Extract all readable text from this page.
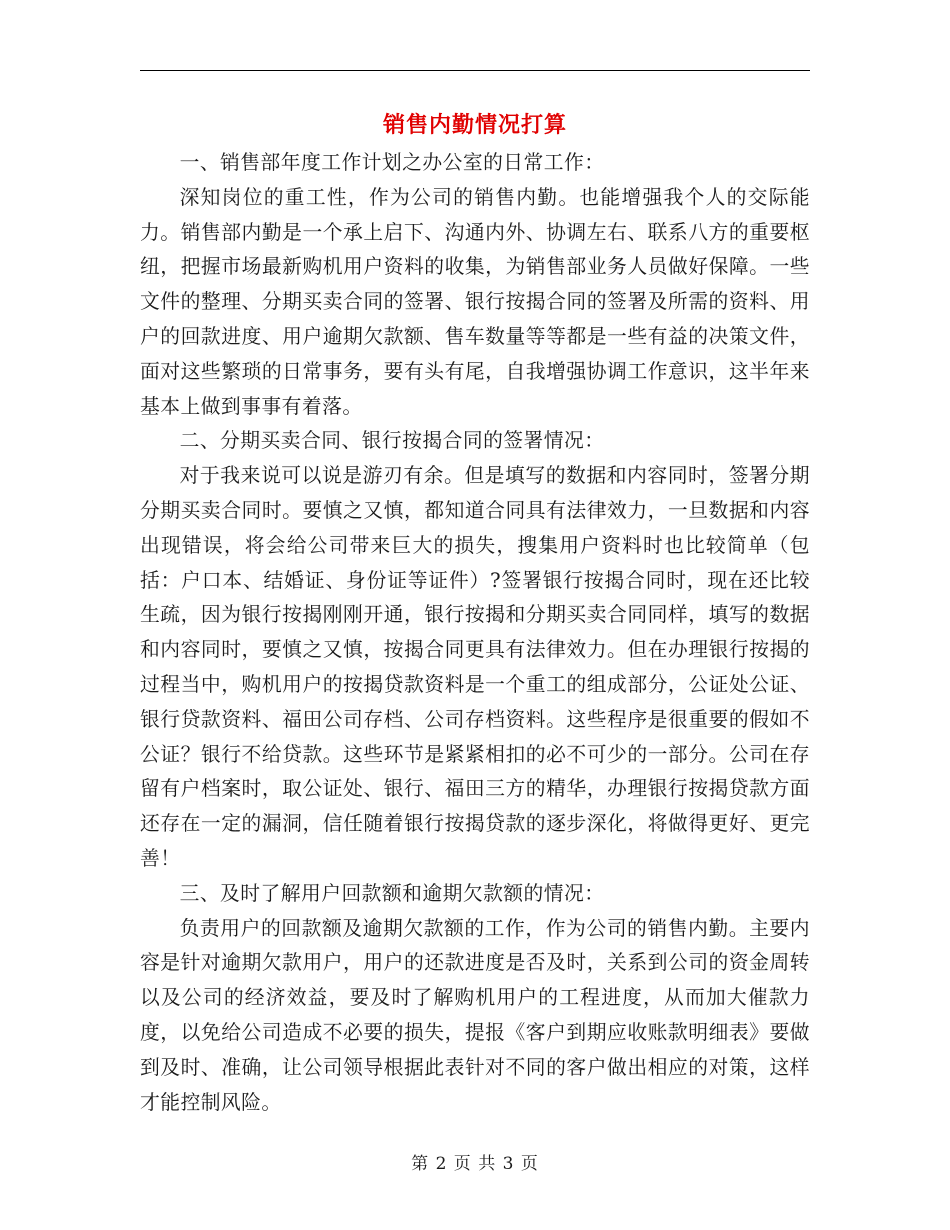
销售内勤情况打算

一、销售部年度工作计划之办公室的日常工作：

深知岗位的重工性，作为公司的销售内勤。也能增强我个人的交际能力。销售部内勤是一个承上启下、沟通内外、协调左右、联系八方的重要枢纽，把握市场最新购机用户资料的收集，为销售部业务人员做好保障。一些文件的整理、分期买卖合同的签署、银行按揭合同的签署及所需的资料、用户的回款进度、用户逾期欠款额、售车数量等等都是一些有益的决策文件，面对这些繁琐的日常事务，要有头有尾，自我增强协调工作意识，这半年来基本上做到事事有着落。

二、分期买卖合同、银行按揭合同的签署情况：

对于我来说可以说是游刃有余。但是填写的数据和内容同时，签署分期分期买卖合同时。要慎之又慎，都知道合同具有法律效力，一旦数据和内容出现错误，将会给公司带来巨大的损失，搜集用户资料时也比较简单（包括：户口本、结婚证、身份证等证件）?签署银行按揭合同时，现在还比较生疏，因为银行按揭刚刚开通，银行按揭和分期买卖合同同样，填写的数据和内容同时，要慎之又慎，按揭合同更具有法律效力。但在办理银行按揭的过程当中，购机用户的按揭贷款资料是一个重工的组成部分，公证处公证、银行贷款资料、福田公司存档、公司存档资料。这些程序是很重要的假如不公证？银行不给贷款。这些环节是紧紧相扣的必不可少的一部分。公司在存留有户档案时，取公证处、银行、福田三方的精华，办理银行按揭贷款方面还存在一定的漏洞，信任随着银行按揭贷款的逐步深化，将做得更好、更完善！

三、及时了解用户回款额和逾期欠款额的情况：

负责用户的回款额及逾期欠款额的工作，作为公司的销售内勤。主要内容是针对逾期欠款用户，用户的还款进度是否及时，关系到公司的资金周转以及公司的经济效益，要及时了解购机用户的工程进度，从而加大催款力度，以免给公司造成不必要的损失，提报《客户到期应收账款明细表》要做到及时、准确，让公司领导根据此表针对不同的客户做出相应的对策，这样才能控制风险。

第 2 页 共 3 页
